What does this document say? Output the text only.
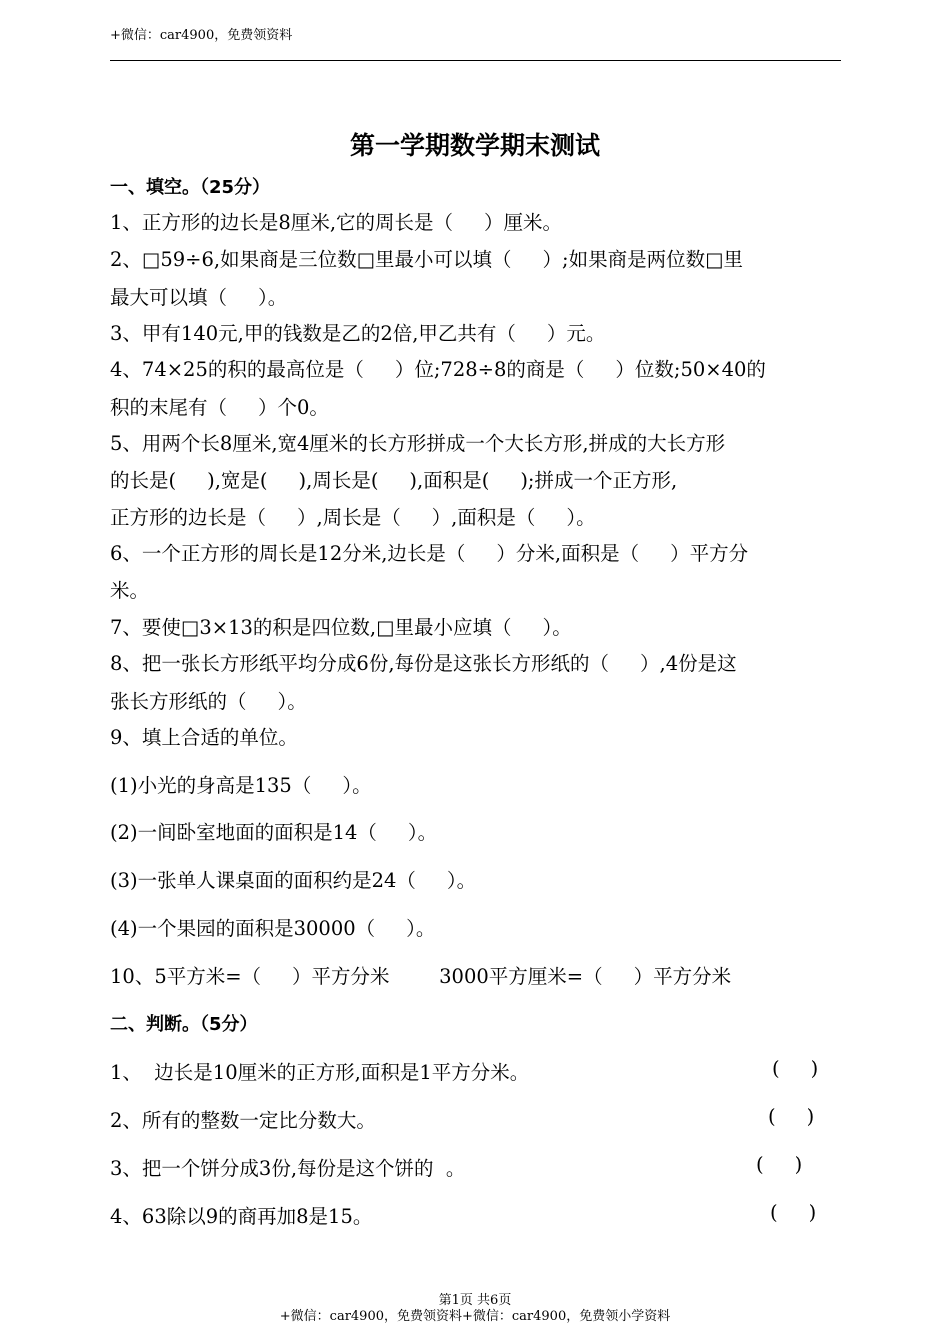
+微信：car4900，免费领资料
第一学期数学期末测试
一、填空。（25分）
1、正方形的边长是8厘米,它的周长是（     ）厘米。
2、□59÷6,如果商是三位数□里最小可以填（     ）;如果商是两位数□里
最大可以填（     ）。
3、甲有140元,甲的钱数是乙的2倍,甲乙共有（     ）元。
4、74×25的积的最高位是（     ）位;728÷8的商是（     ）位数;50×40的
积的末尾有（     ）个0。
5、用两个长8厘米,宽4厘米的长方形拼成一个大长方形,拼成的大长方形
的长是(     ),宽是(     ),周长是(     ),面积是(     );拼成一个正方形,
正方形的边长是（     ）,周长是（     ）,面积是（     ）。
6、一个正方形的周长是12分米,边长是（     ）分米,面积是（     ）平方分
米。
7、要使□3×13的积是四位数,□里最小应填（     ）。
8、把一张长方形纸平均分成6份,每份是这张长方形纸的（     ）,4份是这
张长方形纸的（     ）。
9、填上合适的单位。
(1)小光的身高是135（     ）。
(2)一间卧室地面的面积是14（     ）。
(3)一张单人课桌面的面积约是24（     ）。
(4)一个果园的面积是30000（     ）。
10、5平方米=（     ）平方分米        3000平方厘米=（     ）平方分米
二、判断。（5分）
1、  边长是10厘米的正方形,面积是1平方分米。	(     )
2、所有的整数一定比分数大。	(     )
3、把一个饼分成3份,每份是这个饼的  。	(     )
4、63除以9的商再加8是15。	(     )
第1页 共6页
+微信：car4900，免费领资料+微信：car4900，免费领小学资料
